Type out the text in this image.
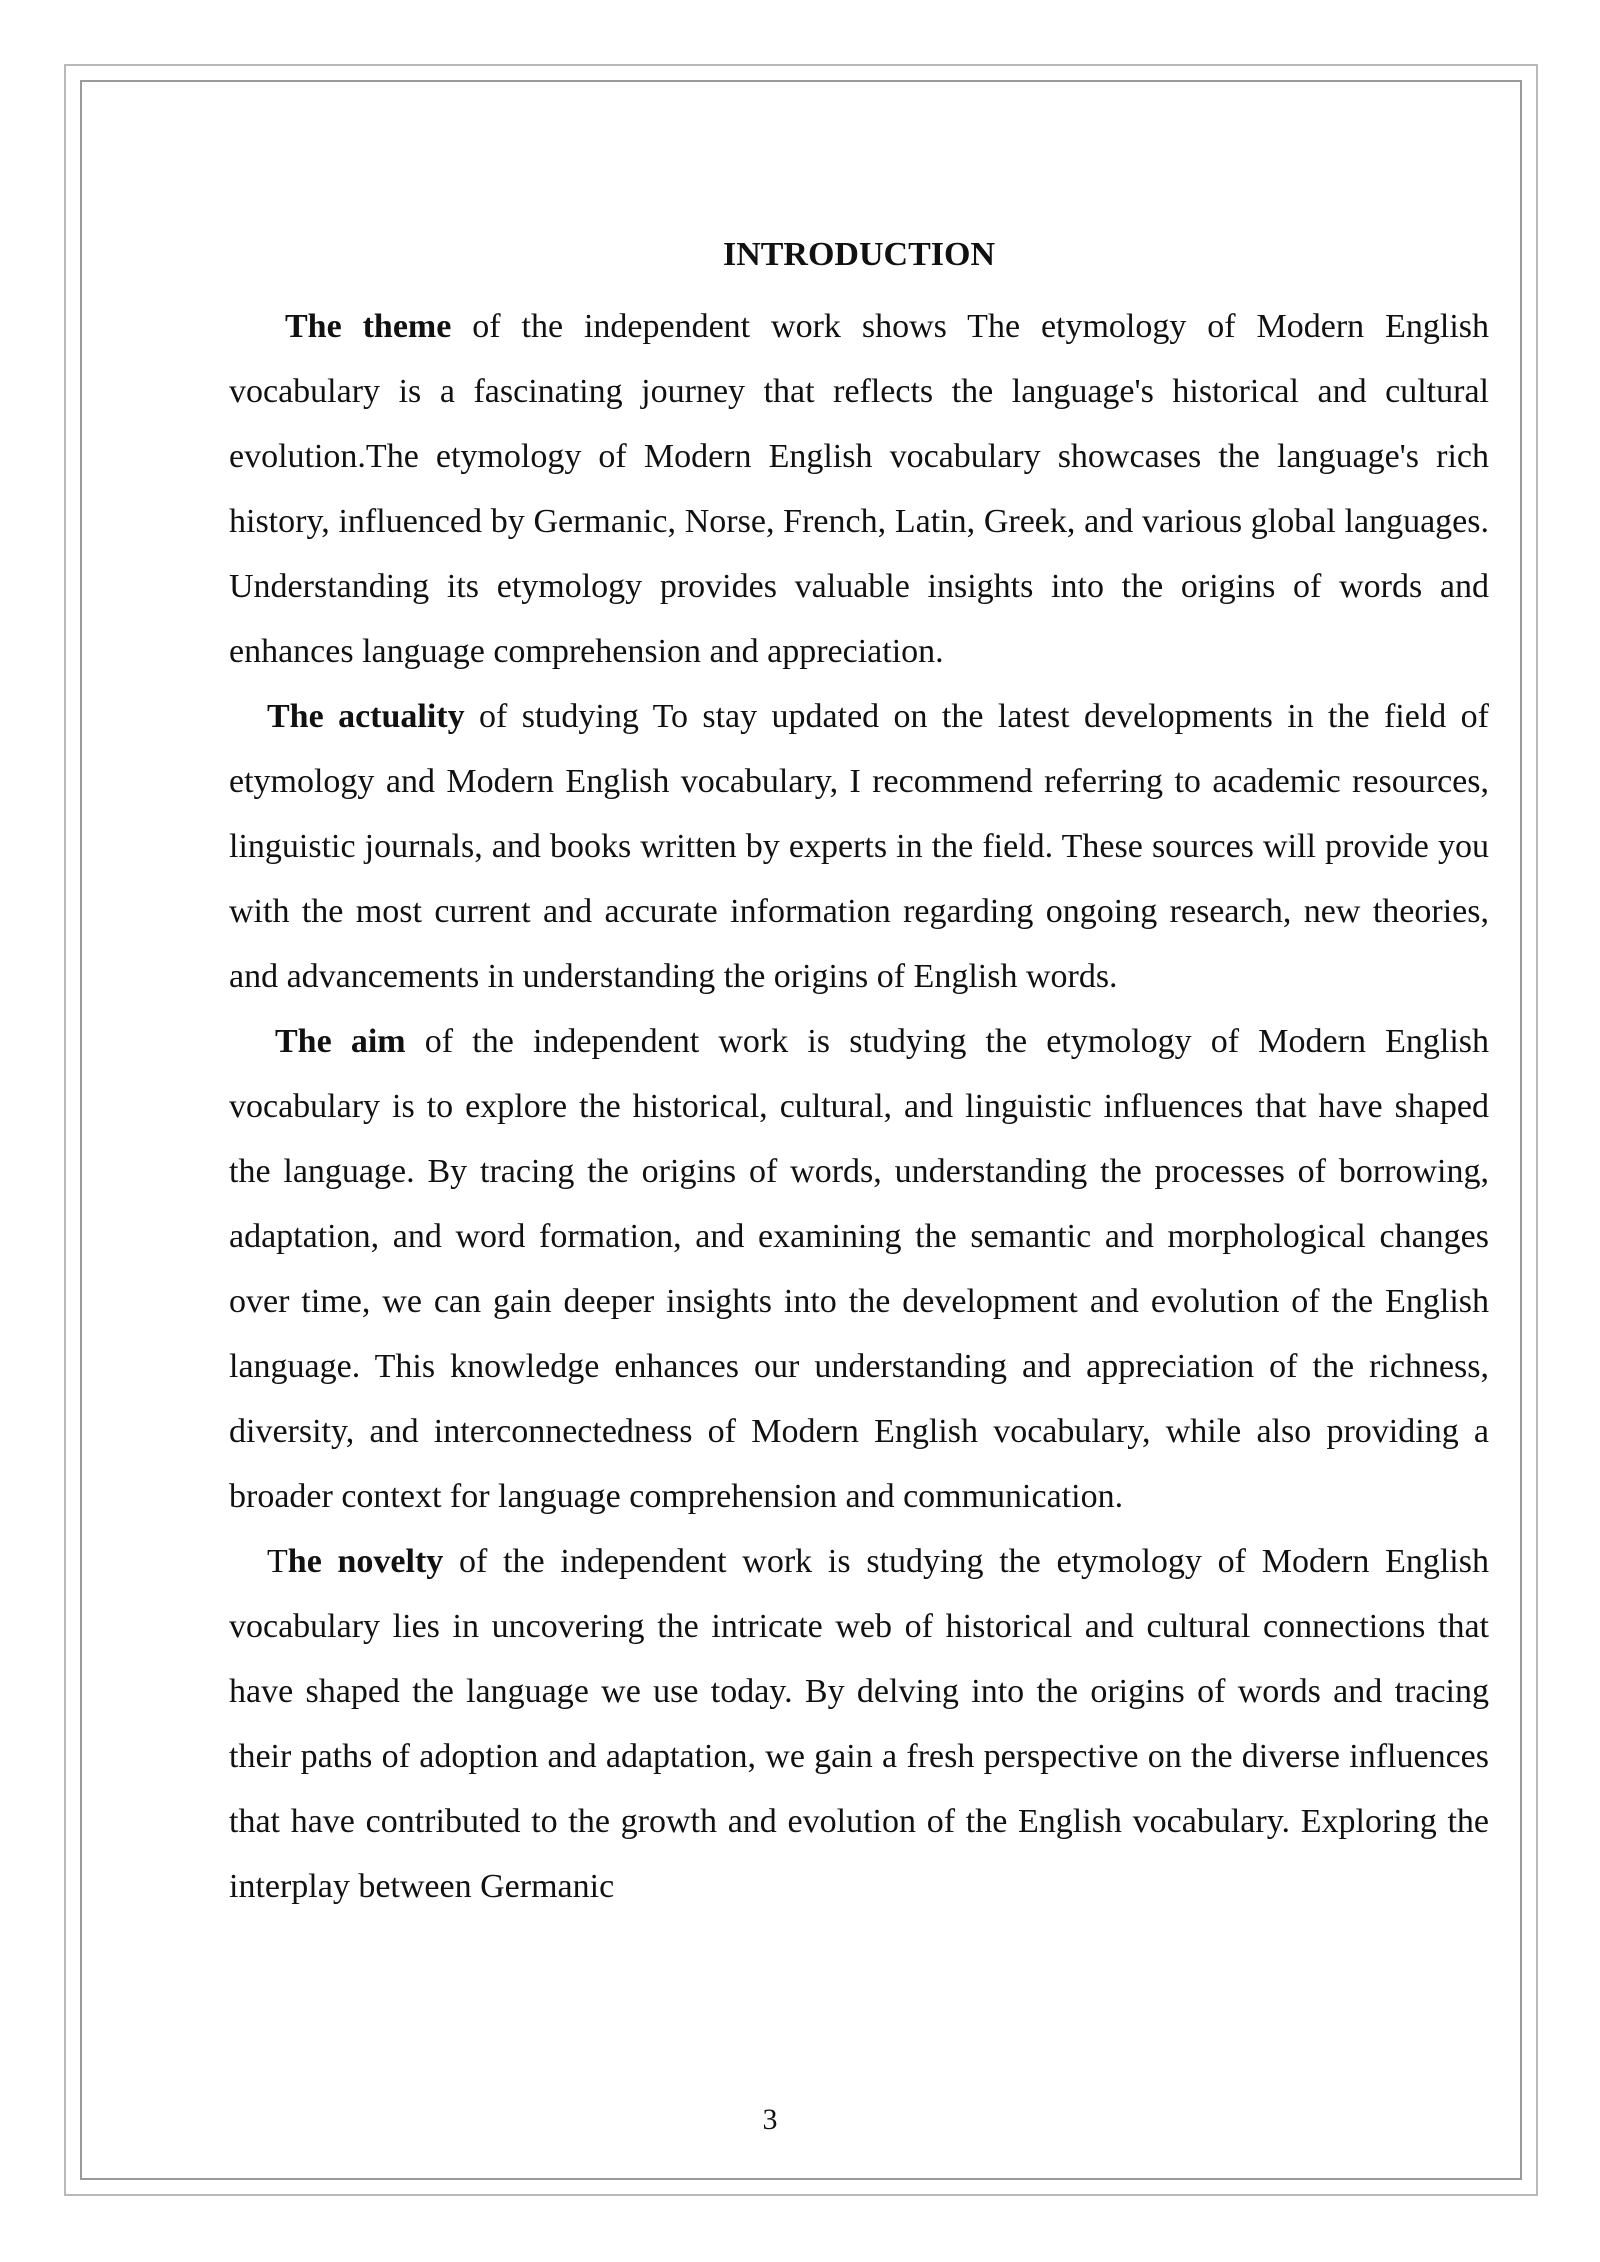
INTRODUCTION

The theme of the independent work shows The etymology of Modern English vocabulary is a fascinating journey that reflects the language's historical and cultural evolution.The etymology of Modern English vocabulary showcases the language's rich history, influenced by Germanic, Norse, French, Latin, Greek, and various global languages. Understanding its etymology provides valuable insights into the origins of words and enhances language comprehension and appreciation.

The actuality of studying To stay updated on the latest developments in the field of etymology and Modern English vocabulary, I recommend referring to academic resources, linguistic journals, and books written by experts in the field. These sources will provide you with the most current and accurate information regarding ongoing research, new theories, and advancements in understanding the origins of English words.

The aim of the independent work is studying the etymology of Modern English vocabulary is to explore the historical, cultural, and linguistic influences that have shaped the language. By tracing the origins of words, understanding the processes of borrowing, adaptation, and word formation, and examining the semantic and morphological changes over time, we can gain deeper insights into the development and evolution of the English language. This knowledge enhances our understanding and appreciation of the richness, diversity, and interconnectedness of Modern English vocabulary, while also providing a broader context for language comprehension and communication.

The novelty of the independent work is studying the etymology of Modern English vocabulary lies in uncovering the intricate web of historical and cultural connections that have shaped the language we use today. By delving into the origins of words and tracing their paths of adoption and adaptation, we gain a fresh perspective on the diverse influences that have contributed to the growth and evolution of the English vocabulary. Exploring the interplay between Germanic

3
